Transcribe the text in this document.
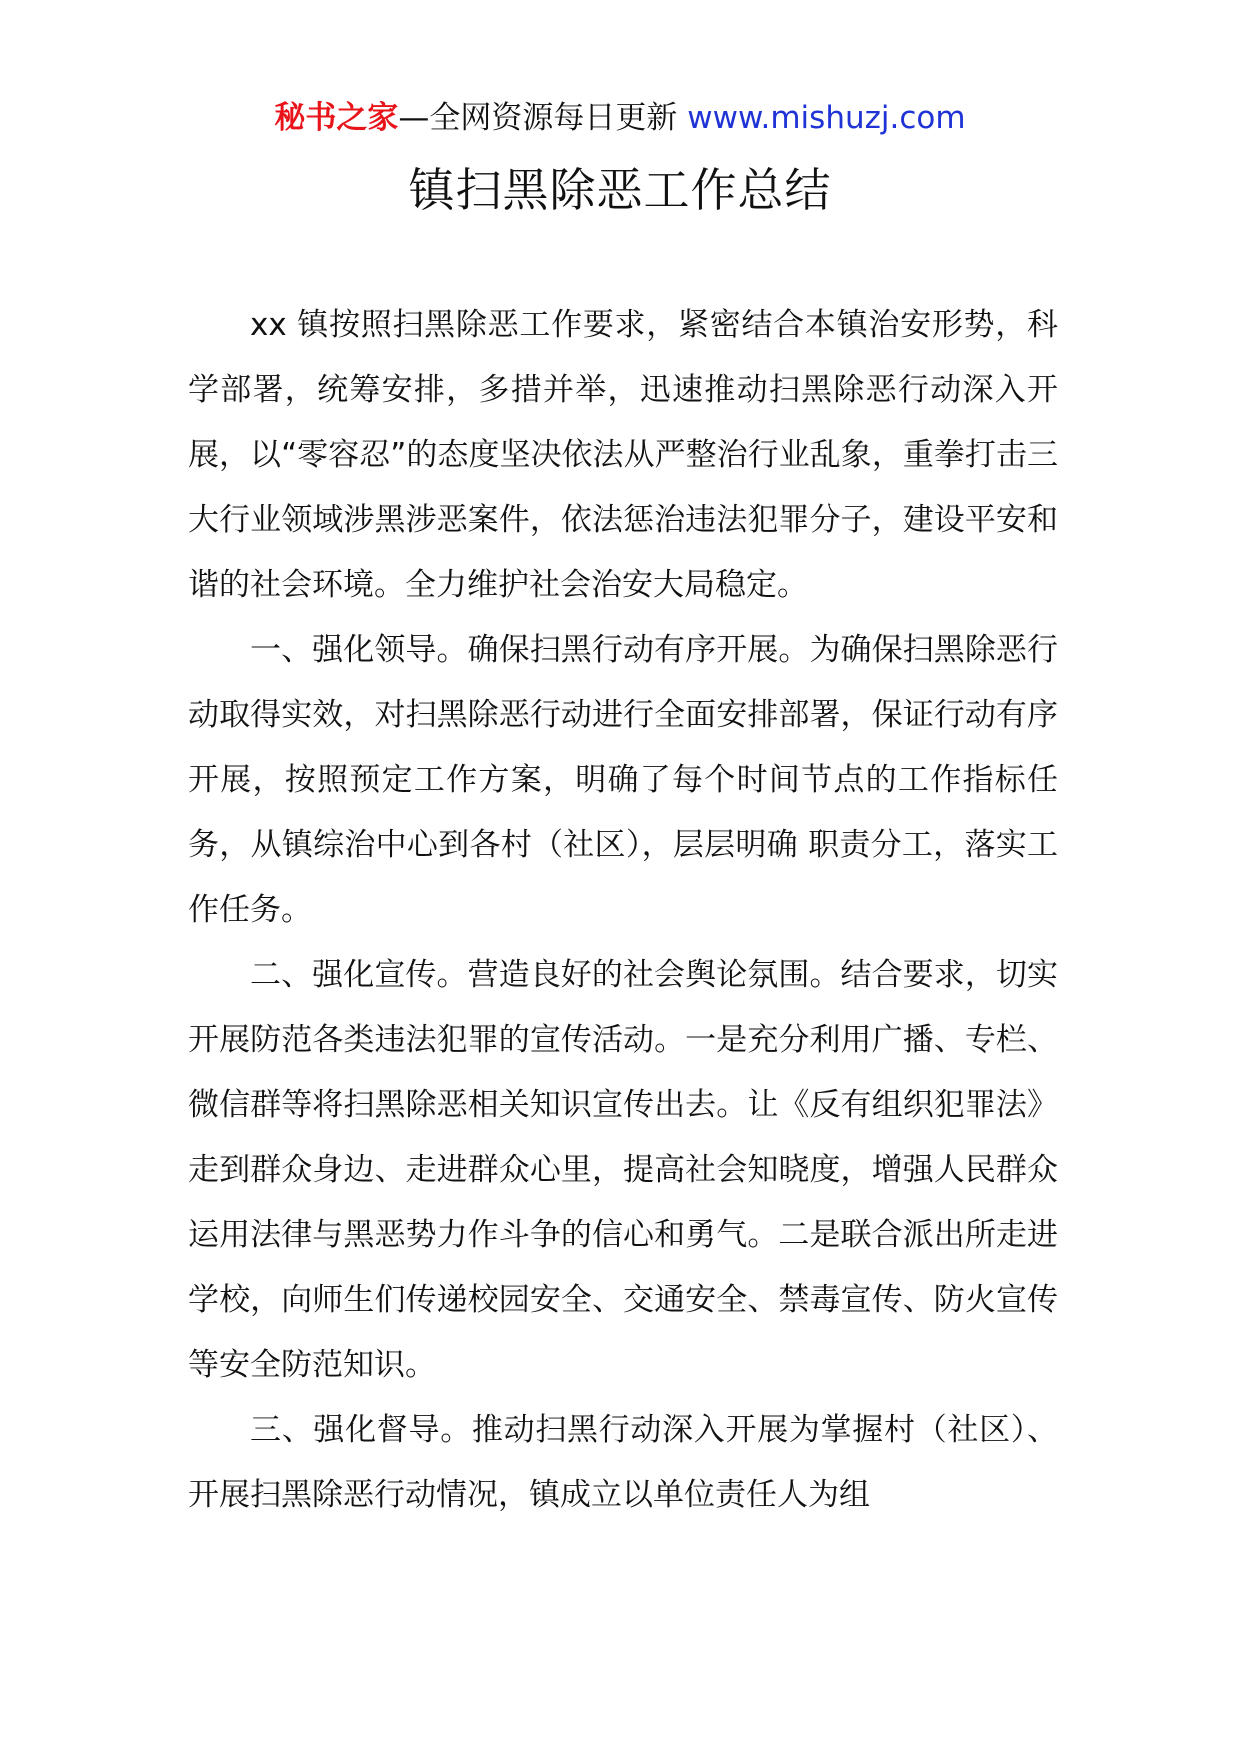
秘书之家—全网资源每日更新 www.mishuzj.com
镇扫黑除恶工作总结

xx 镇按照扫黑除恶工作要求，紧密结合本镇治安形势，科学部署，统筹安排，多措并举，迅速推动扫黑除恶行动深入开展，以“零容忍”的态度坚决依法从严整治行业乱象，重拳打击三大行业领域涉黑涉恶案件，依法惩治违法犯罪分子，建设平安和谐的社会环境。全力维护社会治安大局稳定。

一、强化领导。确保扫黑行动有序开展。为确保扫黑除恶行动取得实效，对扫黑除恶行动进行全面安排部署，保证行动有序开展，按照预定工作方案，明确了每个时间节点的工作指标任务，从镇综治中心到各村（社区），层层明确 职责分工，落实工作任务。

二、强化宣传。营造良好的社会舆论氛围。结合要求，切实开展防范各类违法犯罪的宣传活动。一是充分利用广播、专栏、微信群等将扫黑除恶相关知识宣传出去。让《反有组织犯罪法》走到群众身边、走进群众心里，提高社会知晓度，增强人民群众运用法律与黑恶势力作斗争的信心和勇气。二是联合派出所走进学校，向师生们传递校园安全、交通安全、禁毒宣传、防火宣传等安全防范知识。

三、强化督导。推动扫黑行动深入开展为掌握村（社区）、开展扫黑除恶行动情况，镇成立以单位责任人为组
